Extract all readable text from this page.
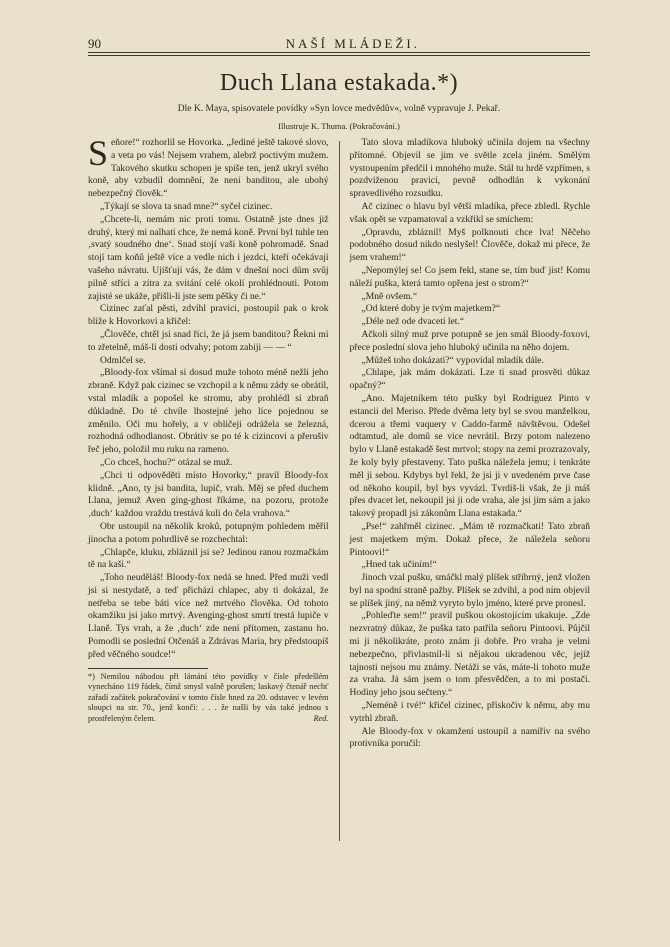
90	NAŠÍ MLÁDEŽI.
Duch Llana estakada.*)
Dle K. Maya, spisovatele povídky »Syn lovce medvědův«, volně vypravuje J. Pekař.
Illustruje K. Thuma. (Pokračování.)

Seňore!“ rozhorlil se Hovorka. „Jediné ještě takové slovo, a veta po vás! Nejsem vrahem, alebrž poctivým mužem. Takového skutku schopen je spíše ten, jenž ukryl svého koně, aby vzbudil domnění, že není banditou, ale ubohý nebezpečný člověk.“

„Týkají se slova ta snad mne?“ syčel cizinec.

„Chcete-li, nemám nic proti tomu. Ostatně jste dnes již druhý, který mi nalhati chce, že nemá koně. První byl tuhle ten ‚svatý soudného dne‘. Snad stojí vaši koně pohromadě. Snad stojí tam koňů ještě více a vedle nich i jezdci, kteří očekávají vašeho návratu. Ujišťuji vás, že dám v dnešní noci dům svůj pilně stříci a zítra za svítání celé okolí prohlédnouti. Potom zajisté se ukáže, přišli-li jste sem pěšky či ne.“

Cizinec zaťal pěsti, zdvihl pravici, postoupil pak o krok blíže k Hovorkovi a křičel:

„Člověče, chtěl jsi snad říci, že já jsem banditou? Řekni mi to zřetelně, máš-li dosti odvahy; potom zabiji — — “

Odmlčel se.

„Bloody-fox všímal si dosud muže tohoto méně nežli jeho zbraně. Když pak cizinec se vzchopil a k němu zády se obrátil, vstal mladík a popošel ke stromu, aby prohlédl si zbraň důkladně. Do té chvíle lhostejné jeho líce pojednou se změnilo. Oči mu hořely, a v obličeji odrážela se železná, rozhodná odhodlanost. Obrátiv se po té k cizincovi a přerušiv řeč jeho, položil mu ruku na rameno.

„Co chceš, hochu?“ otázal se muž.

„Chci ti odpověděti místo Hovorky,“ pravil Bloody-fox klidně. „Ano, ty jsi bandita, lupič, vrah. Měj se před duchem Llana, jemuž Aven ging-ghost říkáme, na pozoru, protože ‚duch‘ každou vraždu trestává kulí do čela vrahova.“

Obr ustoupil na několik kroků, potupným pohledem měřil jinocha a potom pohrdlivě se rozchechtal:

„Chlapče, kluku, zbláznil jsi se? Jedinou ranou rozmačkám tě na kaši.“

„Toho neuděláš! Bloody-fox nedá se hned. Před muži vedl jsi si nestydatě, a teď přichází chlapec, aby ti dokázal, že netřeba se tebe báti více než mrtvého člověka. Od tohoto okamžiku jsi jako mrtvý. Avenging-ghost smrtí trestá lupiče v Llaně. Tys vrah, a že ‚duch‘ zde není přítomen, zastanu ho. Pomodli se poslední Otčenáš a Zdrávas Maria, bry předstoupíš před věčného soudce!“

*) Nemilou náhodou při lámání této povídky v čísle předešlém vynecháno 119 řádek, čímž smysl valně porušen; laskavý čtenář nechť zařadí začátek pokračování v tomto čísle hned za 20. odstavec v levém sloupci na str. 70., jenž končí: . . . že našli by vás také jednou s prostřeleným čelem.	Red.

Tato slova mladíkova hluboký učinila dojem na všechny přítomné. Objevil se jim ve světle zcela jiném. Smělým vystoupením předčil i mnohého muže. Stál tu hrdě vzpřímen, s pozdviženou pravicí, pevně odhodlán k vykonání spravedlivého rozsudku.

Ač cizinec o hlavu byl větší mladíka, přece zbledl. Rychle však opět se vzpamatoval a vzkřikl se smíchem:

„Opravdu, zbláznil! Myš polknouti chce lva! Něčeho podobného dosud nikdo neslyšel! Člověče, dokaž mi přece, že jsem vrahem!“

„Nepomýlej se! Co jsem řekl, stane se, tím buď jist! Komu náleží puška, která tamto opřena jest o strom?“

„Mně ovšem.“

„Od které doby je tvým majetkem?“

„Déle než ode dvaceti let.“

Ačkoli silný muž prve potupně se jen smál Bloody-foxovi, přece poslední slova jeho hluboký učinila na něho dojem.

„Můžeš toho dokázati?“ vypovídal mladík dále.

„Chlape, jak mám dokázati. Lze ti snad prosvěti důkaz opačný?“

„Ano. Majetníkem této pušky byl Rodriguez Pinto v estancii del Meriso. Přede dvěma lety byl se svou manželkou, dcerou a třemi vaquery v Caddo-farmě návštěvou. Odešel odtamtud, ale domů se více nevrátil. Brzy potom nalezeno bylo v Llaně estakadě šest mrtvol; stopy na zemi prozrazovaly, že koly byly přestaveny. Tato puška náležela jemu; i tenkráte měl ji sebou. Kdybys byl řekl, že jsi ji v uvedeném prve čase od někoho koupil, byl bys vyvázl. Tvrdíš-li však, že ji máš přes dvacet let, nekoupil jsi ji ode vraha, ale jsi jím sám a jako takový propadl jsi zákonům Llana estakada.“

„Pse!“ zahřměl cizinec. „Mám tě rozmačkati! Tato zbraň jest majetkem mým. Dokaž přece, že náležela señoru Pintoovi!“

„Hned tak učiním!“

Jinoch vzal pušku, smáčkl malý plíšek stříbrný, jenž vložen byl na spodní straně pažby. Plíšek se zdvihl, a pod ním objevil se plíšek jiný, na němž vyryto bylo jméno, které prve pronesl.

„Pohleďte sem!“ pravil puškou okostojícím ukakuje. „Zde nezvratný důkaz, že puška tato patřila señoru Pintoovi. Půjčil mi ji několikráte, proto znám ji dobře. Pro vraha je velmi nebezpečno, přivlastnil-li si nějakou ukradenou věc, jejíž tajnosti nejsou mu známy. Netáži se vás, máte-li tohoto muže za vraha. Já sám jsem o tom přesvědčen, a to mi postačí. Hodiny jeho jsou sečteny.“

„Neméně i tvé!“ křičel cizinec, přiskočiv k němu, aby mu vytrhl zbraň.

Ale Bloody-fox v okamžení ustoupil a namířiv na svého protivníka poručil:
